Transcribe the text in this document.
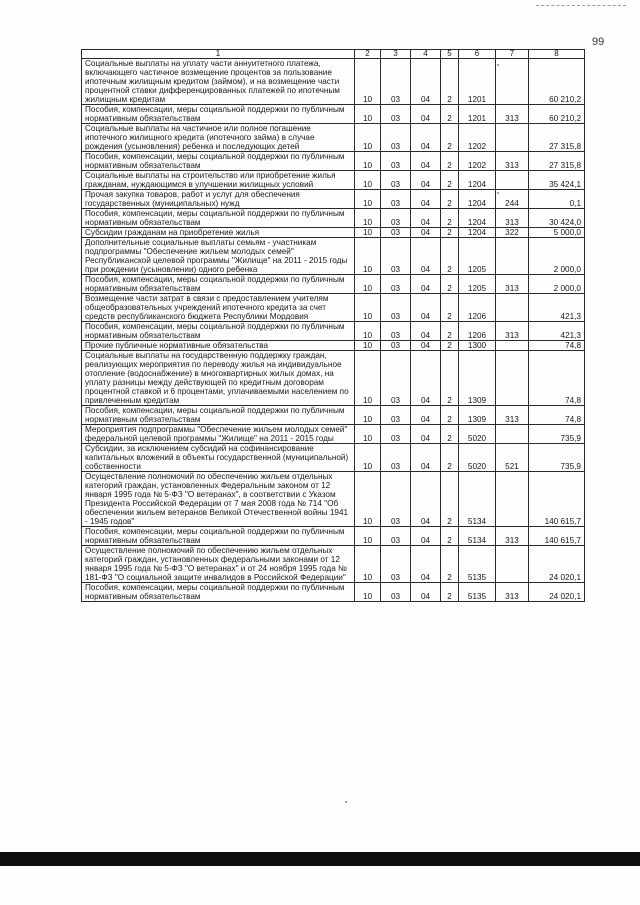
99
1	2	3	4	5	6	7	8
Социальные выплаты на уплату части аннуитетного платежа, включающего частичное возмещение процентов за пользование ипотечным жилищным кредитом (займом), и на возмещение части процентной ставки дифференцированных платежей по ипотечным жилищным кредитам	10	03	04	2	1201		60 210,2
Пособия, компенсации, меры социальной поддержки по публичным нормативным обязательствам	10	03	04	2	1201	313	60 210,2
Социальные выплаты на частичное или полное погашение ипотечного жилищного кредита (ипотечного займа) в случае рождения (усыновления) ребенка и последующих детей	10	03	04	2	1202		27 315,8
Пособия, компенсации, меры социальной поддержки по публичным нормативным обязательствам	10	03	04	2	1202	313	27 315,8
Социальные выплаты на строительство или приобретение жилья гражданам, нуждающимся в улучшении жилищных условий	10	03	04	2	1204		35 424,1
Прочая закупка товаров, работ и услуг для обеспечения государственных (муниципальных) нужд	10	03	04	2	1204	244	0,1
Пособия, компенсации, меры социальной поддержки по публичным нормативным обязательствам	10	03	04	2	1204	313	30 424,0
Субсидии гражданам на приобретение жилья	10	03	04	2	1204	322	5 000,0
Дополнительные социальные выплаты семьям - участникам подпрограммы "Обеспечение жильем молодых семей" Республиканской целевой программы "Жилище" на 2011 - 2015 годы при рождении (усыновлении) одного ребенка	10	03	04	2	1205		2 000,0
Пособия, компенсации, меры социальной поддержки по публичным нормативным обязательствам	10	03	04	2	1205	313	2 000,0
Возмещение части затрат в связи с предоставлением учителям общеобразовательных учреждений ипотечного кредита за счет средств республиканского бюджета Республики Мордовия	10	03	04	2	1206		421,3
Пособия, компенсации, меры социальной поддержки по публичным нормативным обязательствам	10	03	04	2	1206	313	421,3
Прочие публичные нормативные обязательства	10	03	04	2	1300		74,8
Социальные выплаты на государственную поддержку граждан, реализующих мероприятия по переводу жилья на индивидуальное отопление (водоснабжение) в многоквартирных жилых домах, на уплату разницы между действующей по кредитным договорам процентной ставкой и 6 процентами, уплачиваемыми населением по привлеченным кредитам	10	03	04	2	1309		74,8
Пособия, компенсации, меры социальной поддержки по публичным нормативным обязательствам	10	03	04	2	1309	313	74,8
Мероприятия подпрограммы "Обеспечение жильем молодых семей" федеральной целевой программы "Жилище" на 2011 - 2015 годы	10	03	04	2	5020		735,9
Субсидии, за исключением субсидий на софинансирование капитальных вложений в объекты государственной (муниципальной) собственности	10	03	04	2	5020	521	735,9
Осуществление полномочий по обеспечению жильем отдельных категорий граждан, установленных Федеральным законом от 12 января 1995 года № 5-ФЗ "О ветеранах", в соответствии с Указом Президента Российской Федерации от 7 мая 2008 года № 714 "Об обеспечении жильем ветеранов Великой Отечественной войны 1941 - 1945 годов"	10	03	04	2	5134		140 615,7
Пособия, компенсации, меры социальной поддержки по публичным нормативным обязательствам	10	03	04	2	5134	313	140 615,7
Осуществление полномочий по обеспечению жильем отдельных категорий граждан, установленных федеральными законами от 12 января 1995 года № 5-ФЗ "О ветеранах" и от 24 ноября 1995 года № 181-ФЗ "О социальной защите инвалидов в Российской Федерации"	10	03	04	2	5135		24 020,1
Пособия, компенсации, меры социальной поддержки по публичным нормативным обязательствам	10	03	04	2	5135	313	24 020,1
